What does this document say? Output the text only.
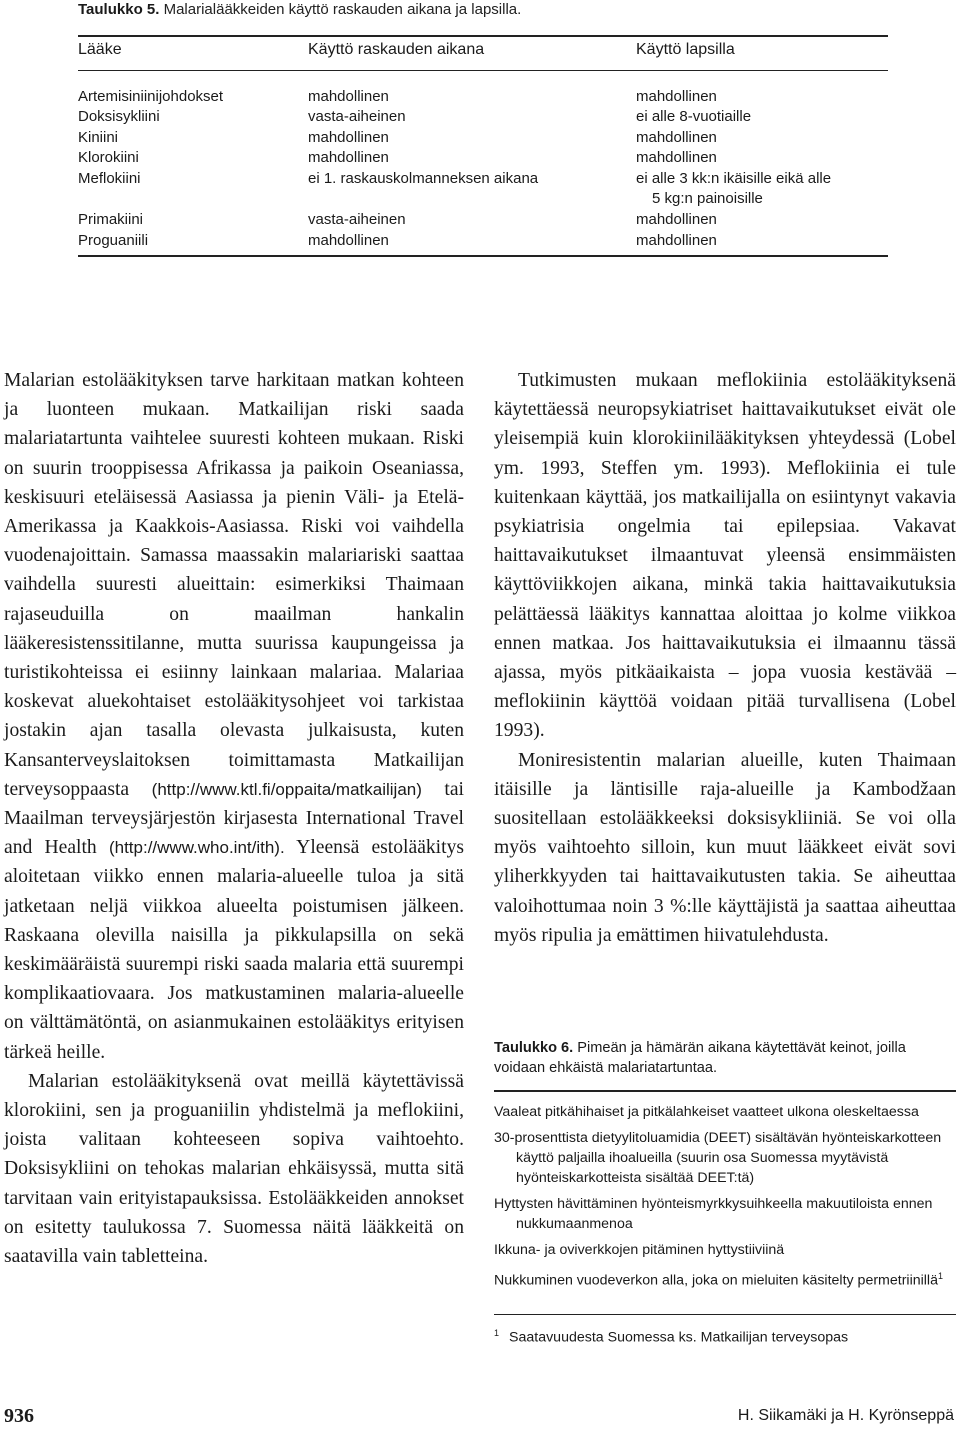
Taulukko 5. Malarialääkkeiden käyttö raskauden aikana ja lapsilla.
Lääke	Käyttö raskauden aikana	Käyttö lapsilla
Artemisiniinijohdokset	mahdollinen	mahdollinen
Doksisykliini	vasta-aiheinen	ei alle 8-vuotiaille
Kiniini	mahdollinen	mahdollinen
Klorokiini	mahdollinen	mahdollinen
Meflokiini	ei 1. raskauskolmanneksen aikana	ei alle 3 kk:n ikäisille eikä alle
5 kg:n painoisille
Primakiini	vasta-aiheinen	mahdollinen
Proguaniili	mahdollinen	mahdollinen

Malarian estolääkityksen tarve harkitaan matkan kohteen ja luonteen mukaan. Matkailijan riski saada malariatartunta vaihtelee suuresti kohteen mukaan. Riski on suurin trooppisessa Afrikassa ja paikoin Oseaniassa, keskisuuri eteläisessä Aasiassa ja pienin Väli- ja Etelä-Amerikassa ja Kaakkois-Aasiassa. Riski voi vaihdella vuodenajoittain. Samassa maassakin malariariski saattaa vaihdella suuresti alueittain: esimerkiksi Thaimaan rajaseuduilla on maailman hankalin lääkeresistenssitilanne, mutta suurissa kaupungeissa ja turistikohteissa ei esiinny lainkaan malariaa. Malariaa koskevat aluekohtaiset estolääkitysohjeet voi tarkistaa jostakin ajan tasalla olevasta julkaisusta, kuten Kansanterveyslaitoksen toimittamasta Matkailijan terveysoppaasta (http://www.ktl.fi/oppaita/matkailijan) tai Maailman terveysjärjestön kirjasesta International Travel and Health (http://www.who.int/ith). Yleensä estolääkitys aloitetaan viikko ennen malaria-alueelle tuloa ja sitä jatketaan neljä viikkoa alueelta poistumisen jälkeen. Raskaana olevilla naisilla ja pikkulapsilla on sekä keskimääräistä suurempi riski saada malaria että suurempi komplikaatiovaara. Jos matkustaminen malaria-alueelle on välttämätöntä, on asianmukainen estolääkitys erityisen tärkeä heille.

Malarian estolääkityksenä ovat meillä käytettävissä klorokiini, sen ja proguaniilin yhdistelmä ja meflokiini, joista valitaan kohteeseen sopiva vaihtoehto. Doksisykliini on tehokas malarian ehkäisyssä, mutta sitä tarvitaan vain erityistapauksissa. Estolääkkeiden annokset on esitetty taulukossa 7. Suomessa näitä lääkkeitä on saatavilla vain tabletteina.

Tutkimusten mukaan meflokiinia estolääkityksenä käytettäessä neuropsykiatriset haittavaikutukset eivät ole yleisempiä kuin klorokiinilääkityksen yhteydessä (Lobel ym. 1993, Steffen ym. 1993). Meflokiinia ei tule kuitenkaan käyttää, jos matkailijalla on esiintynyt vakavia psykiatrisia ongelmia tai epilepsiaa. Vakavat haittavaikutukset ilmaantuvat yleensä ensimmäisten käyttöviikkojen aikana, minkä takia haittavaikutuksia pelättäessä lääkitys kannattaa aloittaa jo kolme viikkoa ennen matkaa. Jos haittavaikutuksia ei ilmaannu tässä ajassa, myös pitkäaikaista – jopa vuosia kestävää – meflokiinin käyttöä voidaan pitää turvallisena (Lobel 1993).

Moniresistentin malarian alueille, kuten Thaimaan itäisille ja läntisille raja-alueille ja Kambodžaan suositellaan estolääkkeeksi doksisykliiniä. Se voi olla myös vaihtoehto silloin, kun muut lääkkeet eivät sovi yliherkkyyden tai haittavaikutusten takia. Se aiheuttaa valoihottumaa noin 3 %:lle käyttäjistä ja saattaa aiheuttaa myös ripulia ja emättimen hiivatulehdusta.

Taulukko 6. Pimeän ja hämärän aikana käytettävät keinot, joilla voidaan ehkäistä malariatartuntaa.
Vaaleat pitkähihaiset ja pitkälahkeiset vaatteet ulkona oleskeltaessa
30-prosenttista dietyylitoluamidia (DEET) sisältävän hyönteiskarkotteen käyttö paljailla ihoalueilla (suurin osa Suomessa myytävistä hyönteiskarkotteista sisältää DEET:tä)
Hyttysten hävittäminen hyönteismyrkkysuihkeella makuutiloista ennen nukkumaanmenoa
Ikkuna- ja oviverkkojen pitäminen hyttystiiviinä
Nukkuminen vuodeverkon alla, joka on mieluiten käsitelty permetriinillä$^1$
$^1$ Saatavuudesta Suomessa ks. Matkailijan terveysopas
936	H. Siikamäki ja H. Kyrönseppä
